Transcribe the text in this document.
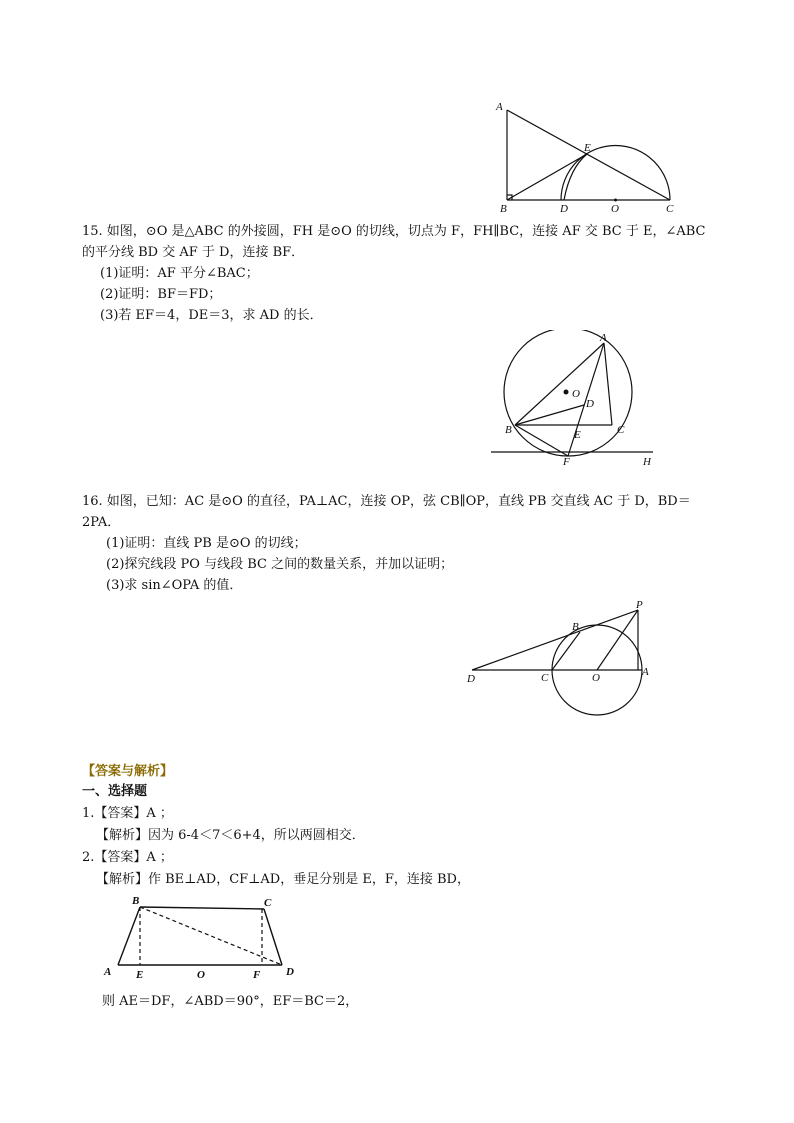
A
E
B	D	O	C
15. 如图，⊙O 是△ABC 的外接圆，FH 是⊙O 的切线，切点为 F，FH∥BC，连接 AF 交 BC 于 E，∠ABC
的平分线 BD 交 AF 于 D，连接 BF．
(1)证明：AF 平分∠BAC；
(2)证明：BF＝FD；
(3)若 EF＝4，DE＝3，求 AD 的长．
A
O
D
B	E	C
F	H
16. 如图，已知：AC 是⊙O 的直径，PA⊥AC，连接 OP，弦 CB∥OP，直线 PB 交直线 AC 于 D，BD＝
2PA．
(1)证明：直线 PB 是⊙O 的切线；
(2)探究线段 PO 与线段 BC 之间的数量关系，并加以证明；
(3)求 sin∠OPA 的值．
P
B
D	C	O	A
【答案与解析】
一、选择题
1.【答案】A ；
【解析】因为 6-4＜7＜6+4，所以两圆相交．
2.【答案】A ；
【解析】作 BE⊥AD，CF⊥AD，垂足分别是 E，F，连接 BD，
B	C
A E	O	F D
则 AE＝DF，∠ABD＝90°，EF＝BC＝2，
